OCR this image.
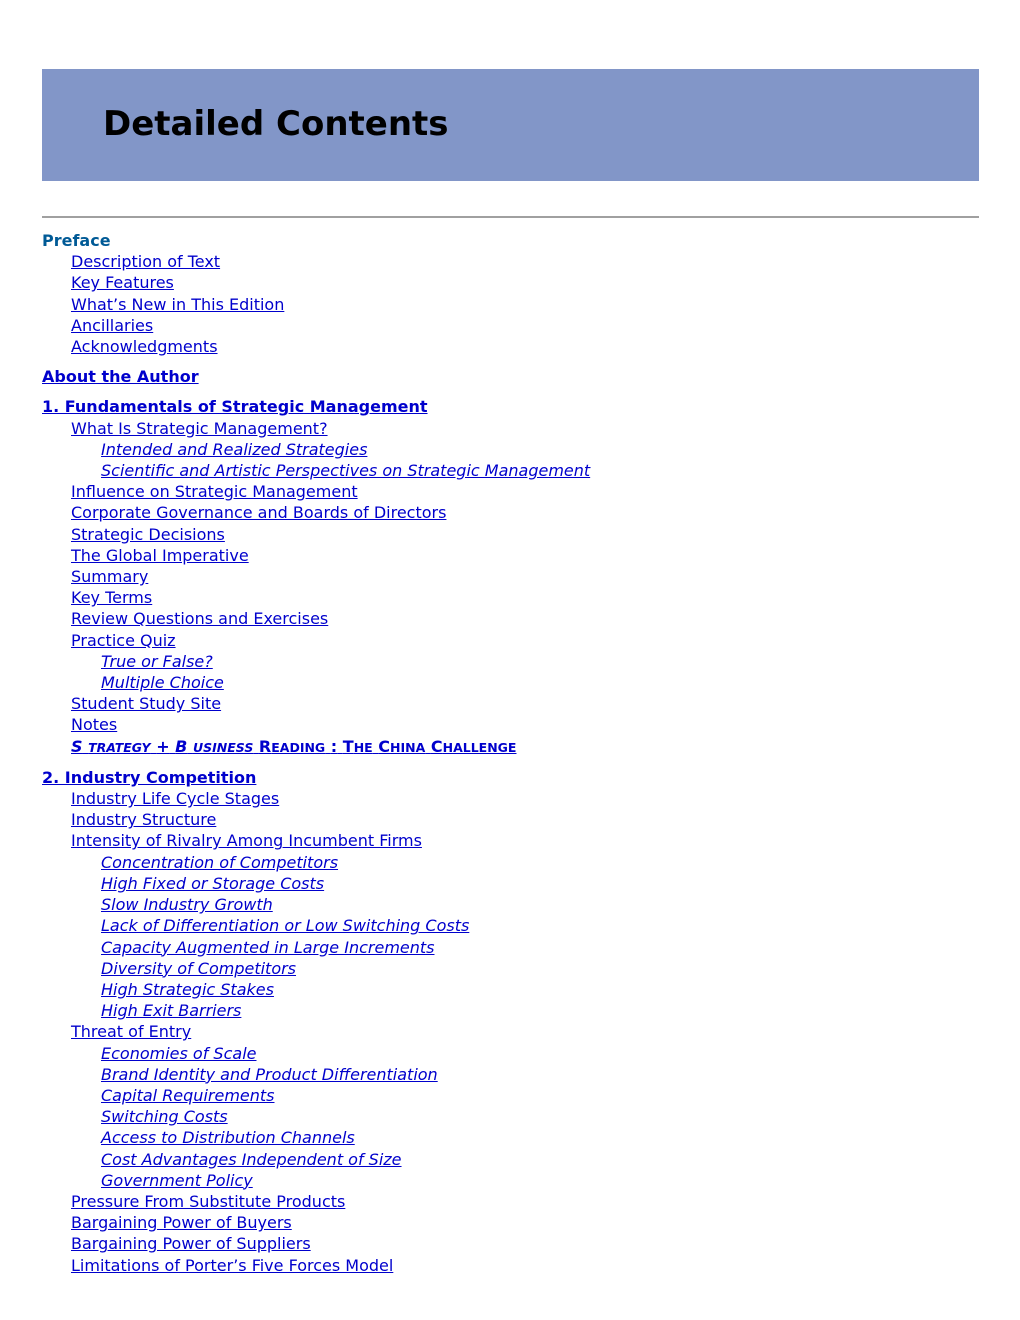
Detailed Contents
Preface
Description of Text
Key Features
What’s New in This Edition
Ancillaries
Acknowledgments
About the Author
1. Fundamentals of Strategic Management
What Is Strategic Management?
Intended and Realized Strategies
Scientific and Artistic Perspectives on Strategic Management
Influence on Strategic Management
Corporate Governance and Boards of Directors
Strategic Decisions
The Global Imperative
Summary
Key Terms
Review Questions and Exercises
Practice Quiz
True or False?
Multiple Choice
Student Study Site
Notes
S TRATEGY + B USINESS READING : THE CHINA CHALLENGE
2. Industry Competition
Industry Life Cycle Stages
Industry Structure
Intensity of Rivalry Among Incumbent Firms
Concentration of Competitors
High Fixed or Storage Costs
Slow Industry Growth
Lack of Differentiation or Low Switching Costs
Capacity Augmented in Large Increments
Diversity of Competitors
High Strategic Stakes
High Exit Barriers
Threat of Entry
Economies of Scale
Brand Identity and Product Differentiation
Capital Requirements
Switching Costs
Access to Distribution Channels
Cost Advantages Independent of Size
Government Policy
Pressure From Substitute Products
Bargaining Power of Buyers
Bargaining Power of Suppliers
Limitations of Porter’s Five Forces Model
